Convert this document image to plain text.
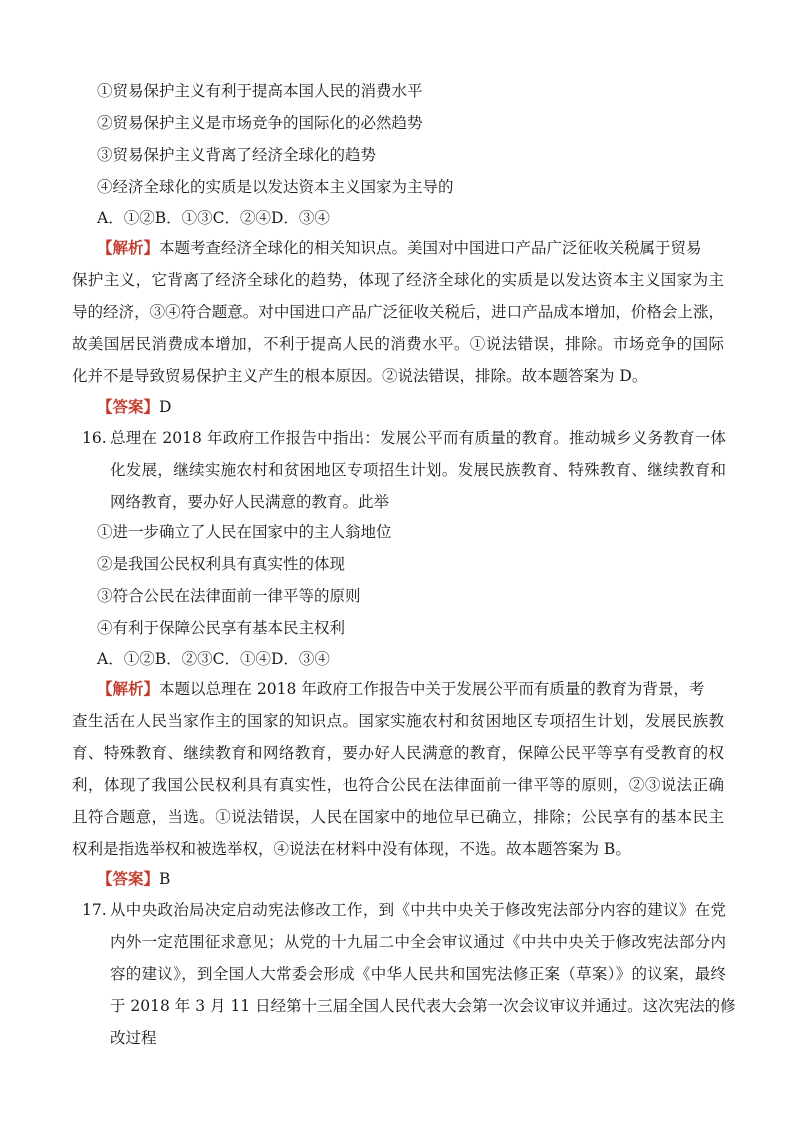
①贸易保护主义有利于提高本国人民的消费水平
②贸易保护主义是市场竞争的国际化的必然趋势
③贸易保护主义背离了经济全球化的趋势
④经济全球化的实质是以发达资本主义国家为主导的
A．①②B．①③C．②④D．③④
【解析】本题考查经济全球化的相关知识点。美国对中国进口产品广泛征收关税属于贸易
保护主义，它背离了经济全球化的趋势，体现了经济全球化的实质是以发达资本主义国家为主
导的经济，③④符合题意。对中国进口产品广泛征收关税后，进口产品成本增加，价格会上涨，
故美国居民消费成本增加，不利于提高人民的消费水平。①说法错误，排除。市场竞争的国际
化并不是导致贸易保护主义产生的根本原因。②说法错误，排除。故本题答案为 D。
【答案】D
16. 总理在 2018 年政府工作报告中指出：发展公平而有质量的教育。推动城乡义务教育一体
化发展，继续实施农村和贫困地区专项招生计划。发展民族教育、特殊教育、继续教育和
网络教育，要办好人民满意的教育。此举
①进一步确立了人民在国家中的主人翁地位
②是我国公民权利具有真实性的体现
③符合公民在法律面前一律平等的原则
④有利于保障公民享有基本民主权利
A．①②B．②③C．①④D．③④
【解析】本题以总理在 2018 年政府工作报告中关于发展公平而有质量的教育为背景，考
查生活在人民当家作主的国家的知识点。国家实施农村和贫困地区专项招生计划，发展民族教
育、特殊教育、继续教育和网络教育，要办好人民满意的教育，保障公民平等享有受教育的权
利，体现了我国公民权利具有真实性，也符合公民在法律面前一律平等的原则，②③说法正确
且符合题意，当选。①说法错误，人民在国家中的地位早已确立，排除；公民享有的基本民主
权利是指选举权和被选举权，④说法在材料中没有体现，不选。故本题答案为 B。
【答案】B
17. 从中央政治局决定启动宪法修改工作，到《中共中央关于修改宪法部分内容的建议》在党
内外一定范围征求意见；从党的十九届二中全会审议通过《中共中央关于修改宪法部分内
容的建议》，到全国人大常委会形成《中华人民共和国宪法修正案（草案）》的议案，最终
于 2018 年 3 月 11 日经第十三届全国人民代表大会第一次会议审议并通过。这次宪法的修
改过程
